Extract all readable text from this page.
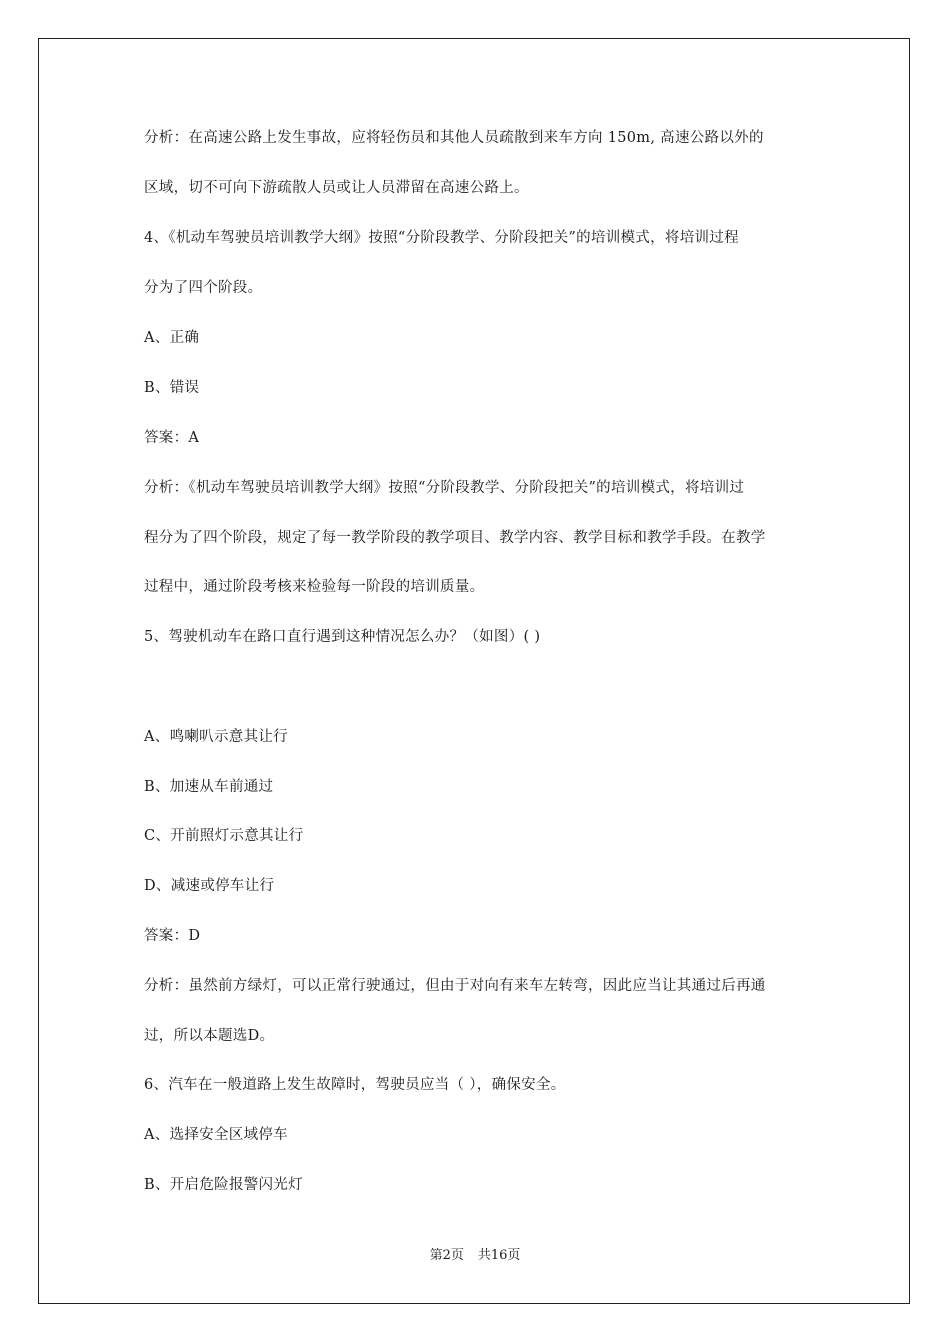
分析：在高速公路上发生事故，应将轻伤员和其他人员疏散到来车方向 150m, 高速公路以外的
区域，切不可向下游疏散人员或让人员滞留在高速公路上。
4、《机动车驾驶员培训教学大纲》按照“分阶段教学、分阶段把关”的培训模式，将培训过程
分为了四个阶段。
A、正确
B、错误
答案：A
分析：《机动车驾驶员培训教学大纲》按照“分阶段教学、分阶段把关”的培训模式，将培训过
程分为了四个阶段，规定了每一教学阶段的教学项目、教学内容、教学目标和教学手段。在教学
过程中，通过阶段考核来检验每一阶段的培训质量。
5、驾驶机动车在路口直行遇到这种情况怎么办？（如图）( )
A、鸣喇叭示意其让行
B、加速从车前通过
C、开前照灯示意其让行
D、减速或停车让行
答案：D
分析：虽然前方绿灯，可以正常行驶通过，但由于对向有来车左转弯，因此应当让其通过后再通
过，所以本题选D。
6、汽车在一般道路上发生故障时，驾驶员应当（ ），确保安全。
A、选择安全区域停车
B、开启危险报警闪光灯
第2页 共16页
